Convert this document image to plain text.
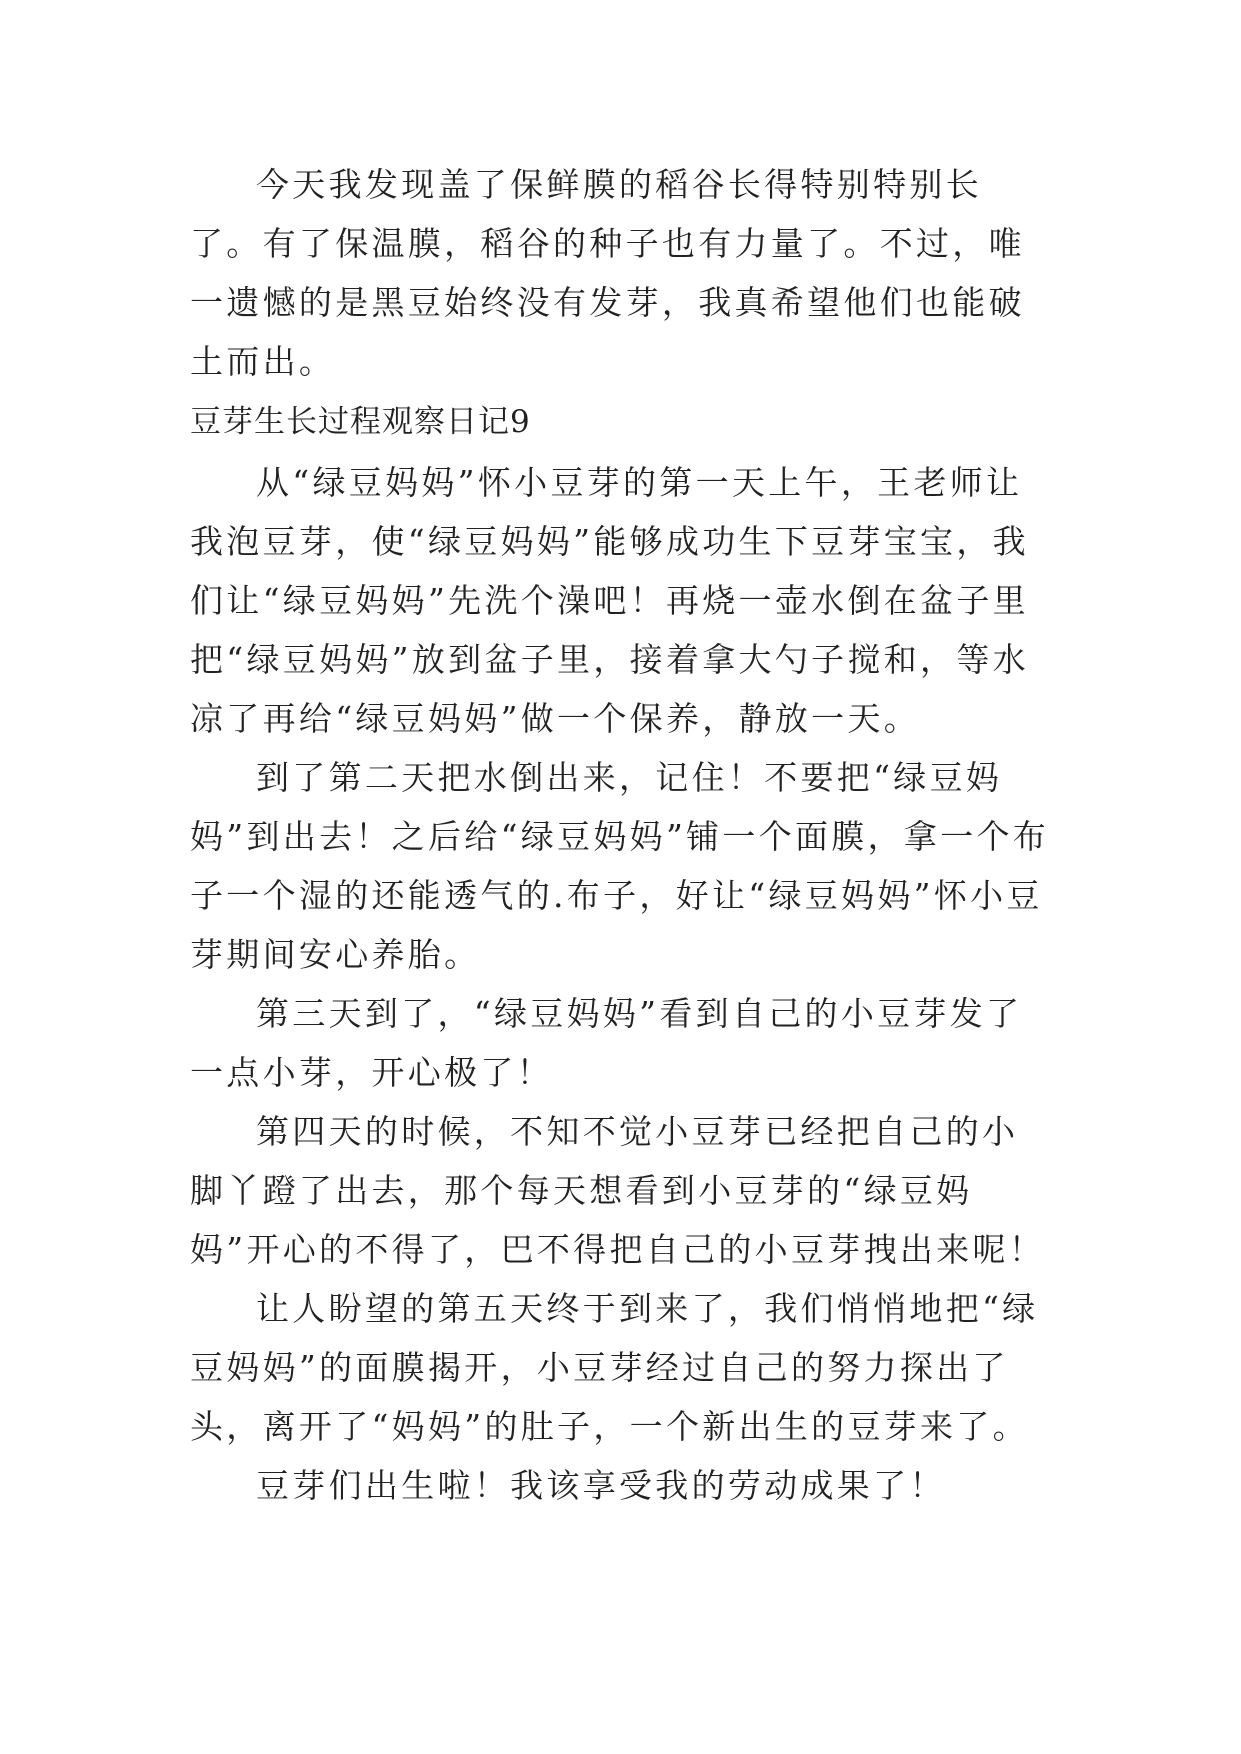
今天我发现盖了保鲜膜的稻谷长得特别特别长了。有了保温膜，稻谷的种子也有力量了。不过，唯一遗憾的是黑豆始终没有发芽，我真希望他们也能破土而出。

豆芽生长过程观察日记9

从“绿豆妈妈”怀小豆芽的第一天上午，王老师让我泡豆芽，使“绿豆妈妈”能够成功生下豆芽宝宝，我们让“绿豆妈妈”先洗个澡吧！再烧一壶水倒在盆子里把“绿豆妈妈”放到盆子里，接着拿大勺子搅和，等水凉了再给“绿豆妈妈”做一个保养，静放一天。

到了第二天把水倒出来，记住！不要把“绿豆妈妈”到出去！之后给“绿豆妈妈”铺一个面膜，拿一个布子一个湿的还能透气的.布子，好让“绿豆妈妈”怀小豆芽期间安心养胎。

第三天到了，“绿豆妈妈”看到自己的小豆芽发了一点小芽，开心极了！

第四天的时候，不知不觉小豆芽已经把自己的小脚丫蹬了出去，那个每天想看到小豆芽的“绿豆妈妈”开心的不得了，巴不得把自己的小豆芽拽出来呢！

让人盼望的第五天终于到来了，我们悄悄地把“绿豆妈妈”的面膜揭开，小豆芽经过自己的努力探出了头，离开了“妈妈”的肚子，一个新出生的豆芽来了。

豆芽们出生啦！我该享受我的劳动成果了！
